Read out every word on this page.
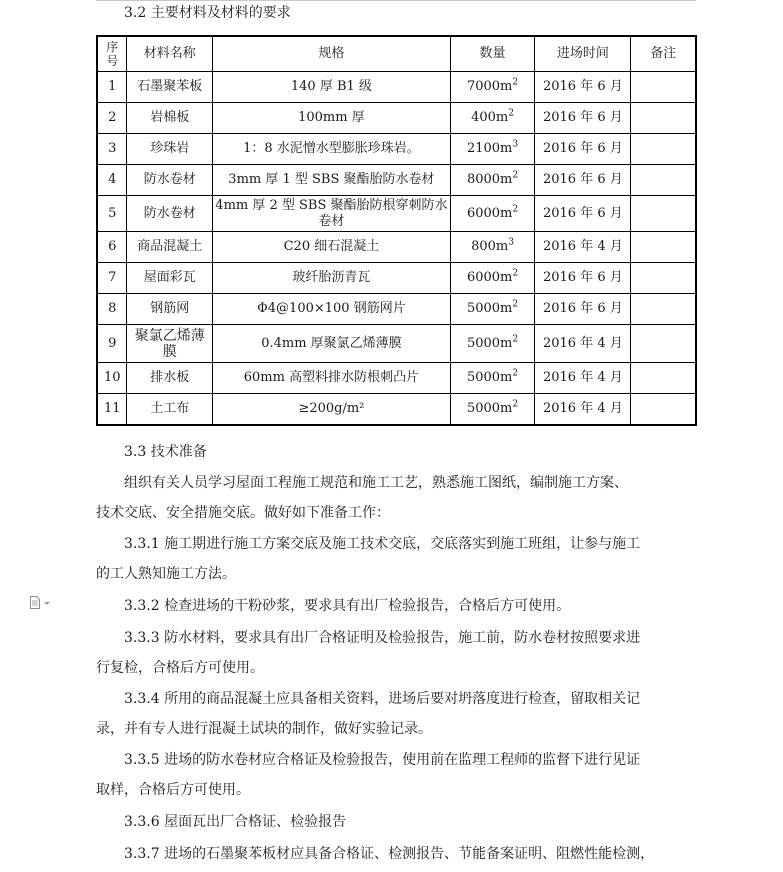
3.2 主要材料及材料的要求
序
号	材料名称	规格	数量	进场时间	备注
1	石墨聚苯板	140 厚 B1 级	$7000m^2$	2016 年 6 月	
2	岩棉板	100mm 厚	$400m^2$	2016 年 6 月	
3	珍珠岩	1：8 水泥憎水型膨胀珍珠岩。	$2100m^3$	2016 年 6 月	
4	防水卷材	3mm 厚 1 型 SBS 聚酯胎防水卷材	$8000m^2$	2016 年 6 月	
5	防水卷材	4mm 厚 2 型 SBS 聚酯胎防根穿刺防水卷材	$6000m^2$	2016 年 6 月	
6	商品混凝土	C20 细石混凝土	$800m^3$	2016 年 4 月	
7	屋面彩瓦	玻纤胎沥青瓦	$6000m^2$	2016 年 6 月	
8	钢筋网	Φ4@100×100 钢筋网片	$5000m^2$	2016 年 6 月	
9	聚氯乙烯薄膜	0.4mm 厚聚氯乙烯薄膜	$5000m^2$	2016 年 4 月	
10	排水板	60mm 高塑料排水防根刺凸片	$5000m^2$	2016 年 4 月	
11	土工布	≥200g/m²	$5000m^2$	2016 年 4 月	
3.3 技术准备
组织有关人员学习屋面工程施工规范和施工工艺，熟悉施工图纸，编制施工方案、
技术交底、安全措施交底。做好如下准备工作：
3.3.1 施工期进行施工方案交底及施工技术交底，交底落实到施工班组，让参与施工
的工人熟知施工方法。
3.3.2 检查进场的干粉砂浆，要求具有出厂检验报告，合格后方可使用。
3.3.3 防水材料，要求具有出厂合格证明及检验报告，施工前，防水卷材按照要求进
行复检，合格后方可使用。
3.3.4 所用的商品混凝土应具备相关资料，进场后要对坍落度进行检查，留取相关记
录，并有专人进行混凝土试块的制作，做好实验记录。
3.3.5 进场的防水卷材应合格证及检验报告，使用前在监理工程师的监督下进行见证
取样，合格后方可使用。
3.3.6 屋面瓦出厂合格证、检验报告
3.3.7 进场的石墨聚苯板材应具备合格证、检测报告、节能备案证明、阻燃性能检测，
